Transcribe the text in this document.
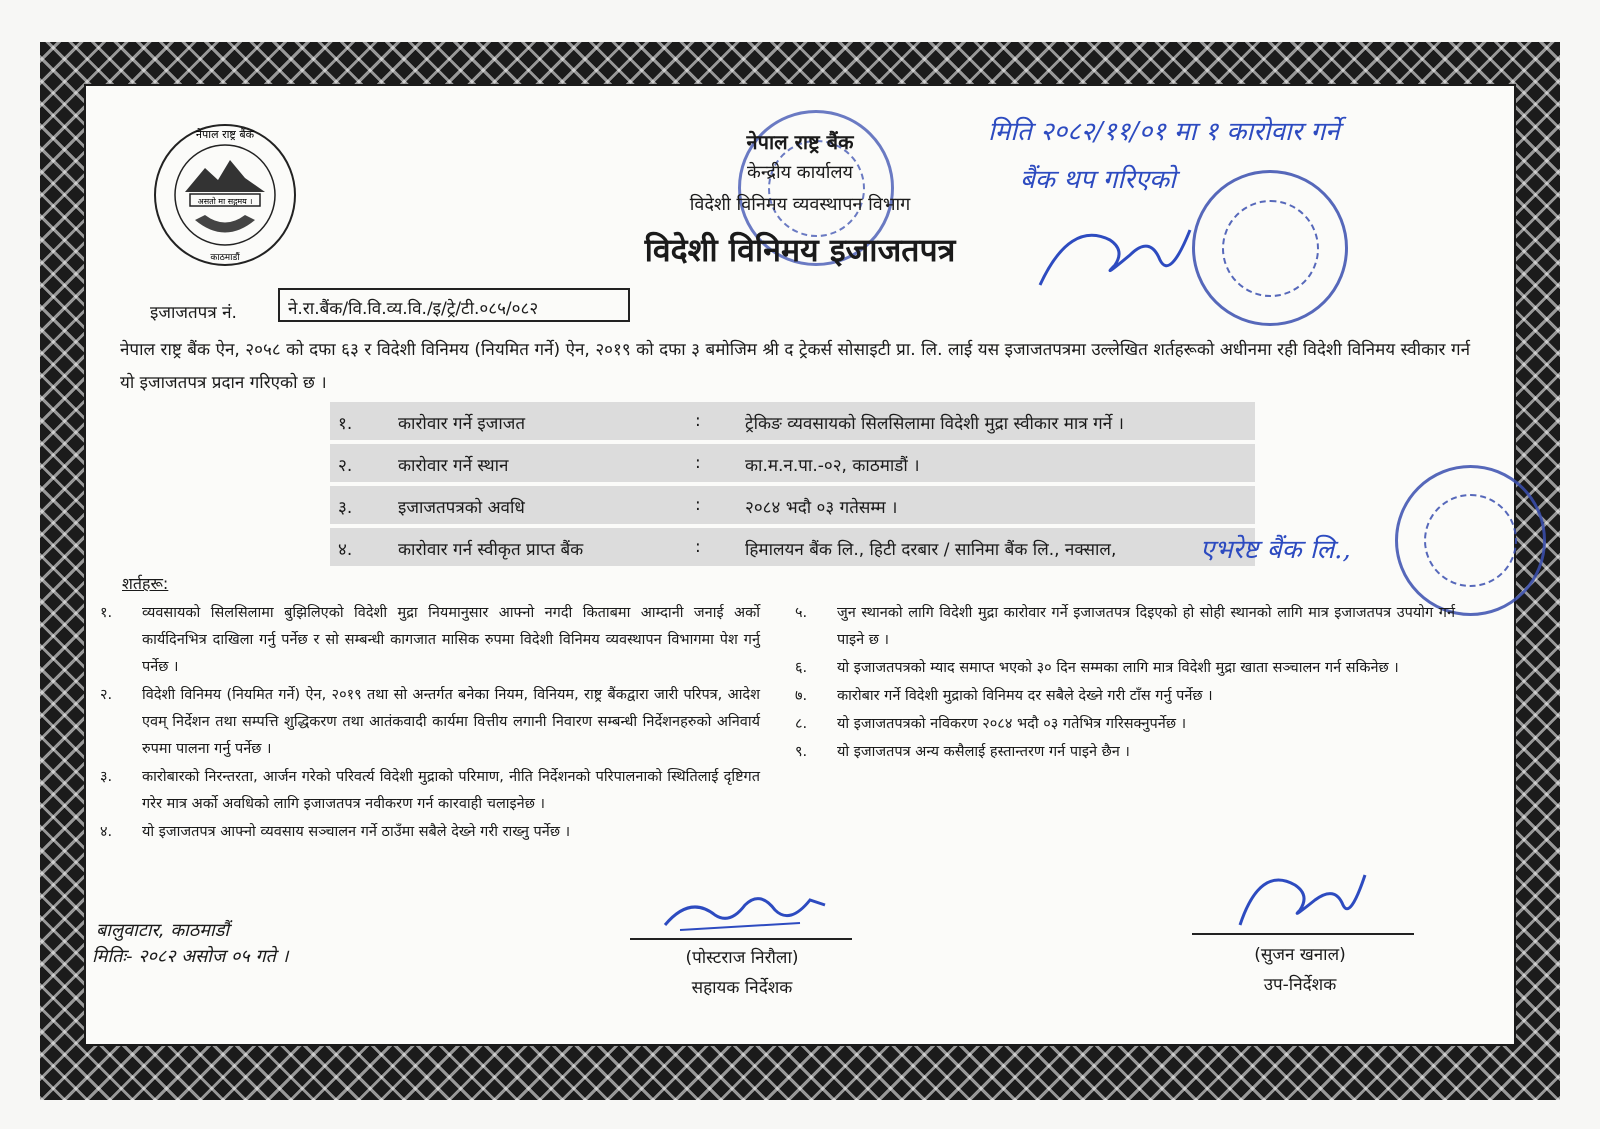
नेपाल राष्ट्र बैंक
असतो मा सद्गमय ।
काठमाडौं
नेपाल राष्ट्र बैंक
केन्द्रीय कार्यालय
विदेशी विनिमय व्यवस्थापन विभाग
विदेशी विनिमय इजाजतपत्र
मिति २०८२/११/०१ मा १ कारोवार गर्ने
बैंक थप गरिएको
इजाजतपत्र नं.	ने.रा.बैंक/वि.वि.व्य.वि./इ/ट्रे/टी.०८५/०८२
नेपाल राष्ट्र बैंक ऐन, २०५८ को दफा ६३ र विदेशी विनिमय (नियमित गर्ने) ऐन, २०१९ को दफा ३ बमोजिम श्री द ट्रेकर्स सोसाइटी प्रा. लि. लाई यस इजाजतपत्रमा उल्लेखित शर्तहरूको अधीनमा रही विदेशी विनिमय स्वीकार गर्न यो इजाजतपत्र प्रदान गरिएको छ ।
१.	कारोवार गर्ने इजाजत	:	ट्रेकिङ व्यवसायको सिलसिलामा विदेशी मुद्रा स्वीकार मात्र गर्ने ।
२.	कारोवार गर्ने स्थान	:	का.म.न.पा.-०२, काठमाडौं ।
३.	इजाजतपत्रको अवधि	:	२०८४ भदौ ०३ गतेसम्म ।
४.	कारोवार गर्न स्वीकृत प्राप्त बैंक	:	हिमालयन बैंक लि., हिटी दरबार / सानिमा बैंक लि., नक्साल,	एभरेष्ट बैंक लि.,
शर्तहरू:
१. व्यवसायको सिलसिलामा बुझिलिएको विदेशी मुद्रा नियमानुसार आफ्नो नगदी किताबमा आम्दानी जनाई अर्को कार्यदिनभित्र दाखिला गर्नु पर्नेछ र सो सम्बन्धी कागजात मासिक रुपमा विदेशी विनिमय व्यवस्थापन विभागमा पेश गर्नु पर्नेछ ।
२. विदेशी विनिमय (नियमित गर्ने) ऐन, २०१९ तथा सो अन्तर्गत बनेका नियम, विनियम, राष्ट्र बैंकद्वारा जारी परिपत्र, आदेश एवम् निर्देशन तथा सम्पत्ति शुद्धिकरण तथा आतंकवादी कार्यमा वित्तीय लगानी निवारण सम्बन्धी निर्देशनहरुको अनिवार्य रुपमा पालना गर्नु पर्नेछ ।
३. कारोबारको निरन्तरता, आर्जन गरेको परिवर्त्य विदेशी मुद्राको परिमाण, नीति निर्देशनको परिपालनाको स्थितिलाई दृष्टिगत गरेर मात्र अर्को अवधिको लागि इजाजतपत्र नवीकरण गर्न कारवाही चलाइनेछ ।
४. यो इजाजतपत्र आफ्नो व्यवसाय सञ्चालन गर्ने ठाउँमा सबैले देख्ने गरी राख्नु पर्नेछ ।
५. जुन स्थानको लागि विदेशी मुद्रा कारोवार गर्ने इजाजतपत्र दिइएको हो सोही स्थानको लागि मात्र इजाजतपत्र उपयोग गर्न पाइने छ ।
६. यो इजाजतपत्रको म्याद समाप्त भएको ३० दिन सम्मका लागि मात्र विदेशी मुद्रा खाता सञ्चालन गर्न सकिनेछ ।
७. कारोबार गर्ने विदेशी मुद्राको विनिमय दर सबैले देख्ने गरी टाँस गर्नु पर्नेछ ।
८. यो इजाजतपत्रको नविकरण २०८४ भदौ ०३ गतेभित्र गरिसक्नुपर्नेछ ।
९. यो इजाजतपत्र अन्य कसैलाई हस्तान्तरण गर्न पाइने छैन ।
बालुवाटार, काठमाडौं
मितिः- २०८२ असोज ०५ गते ।	(पोस्टराज निरौला)
सहायक निर्देशक
(सुजन खनाल)
उप-निर्देशक
